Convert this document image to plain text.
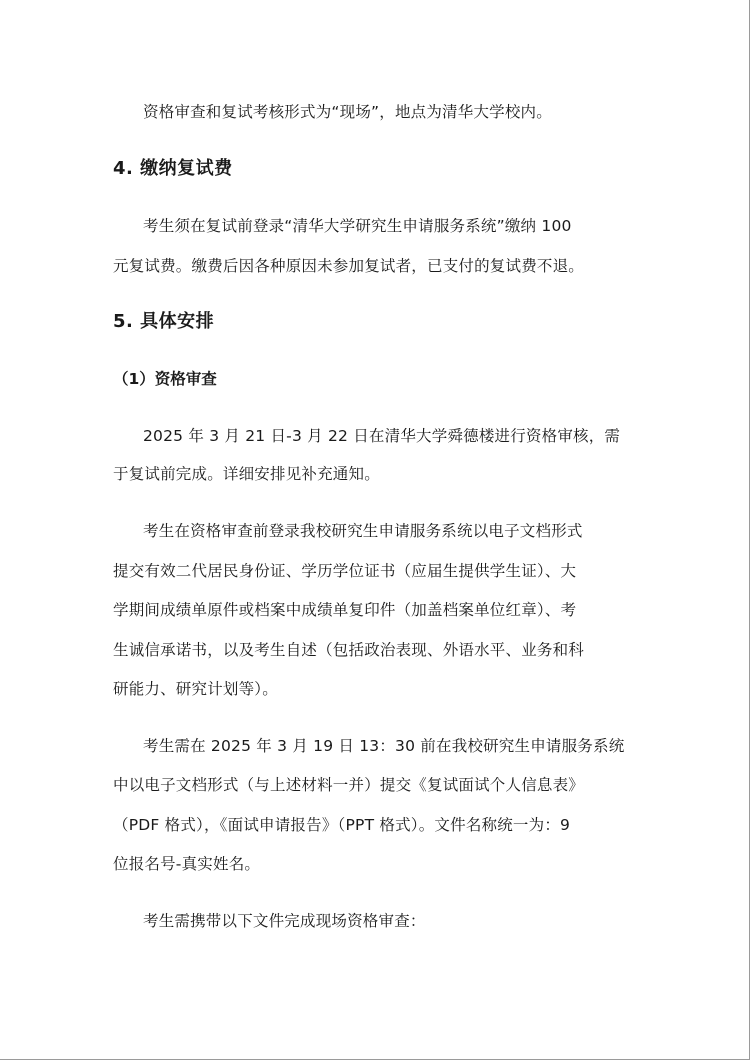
资格审查和复试考核形式为“现场”，地点为清华大学校内。

4. 缴纳复试费

考生须在复试前登录“清华大学研究生申请服务系统”缴纳 100

元复试费。缴费后因各种原因未参加复试者，已支付的复试费不退。

5. 具体安排
（1）资格审查

2025 年 3 月 21 日-3 月 22 日在清华大学舜德楼进行资格审核，需

于复试前完成。详细安排见补充通知。

考生在资格审查前登录我校研究生申请服务系统以电子文档形式

提交有效二代居民身份证、学历学位证书（应届生提供学生证）、大

学期间成绩单原件或档案中成绩单复印件（加盖档案单位红章）、考

生诚信承诺书，以及考生自述（包括政治表现、外语水平、业务和科

研能力、研究计划等）。

考生需在 2025 年 3 月 19 日 13：30 前在我校研究生申请服务系统

中以电子文档形式（与上述材料一并）提交《复试面试个人信息表》

（PDF 格式），《面试申请报告》（PPT 格式）。文件名称统一为：9

位报名号-真实姓名。

考生需携带以下文件完成现场资格审查：
